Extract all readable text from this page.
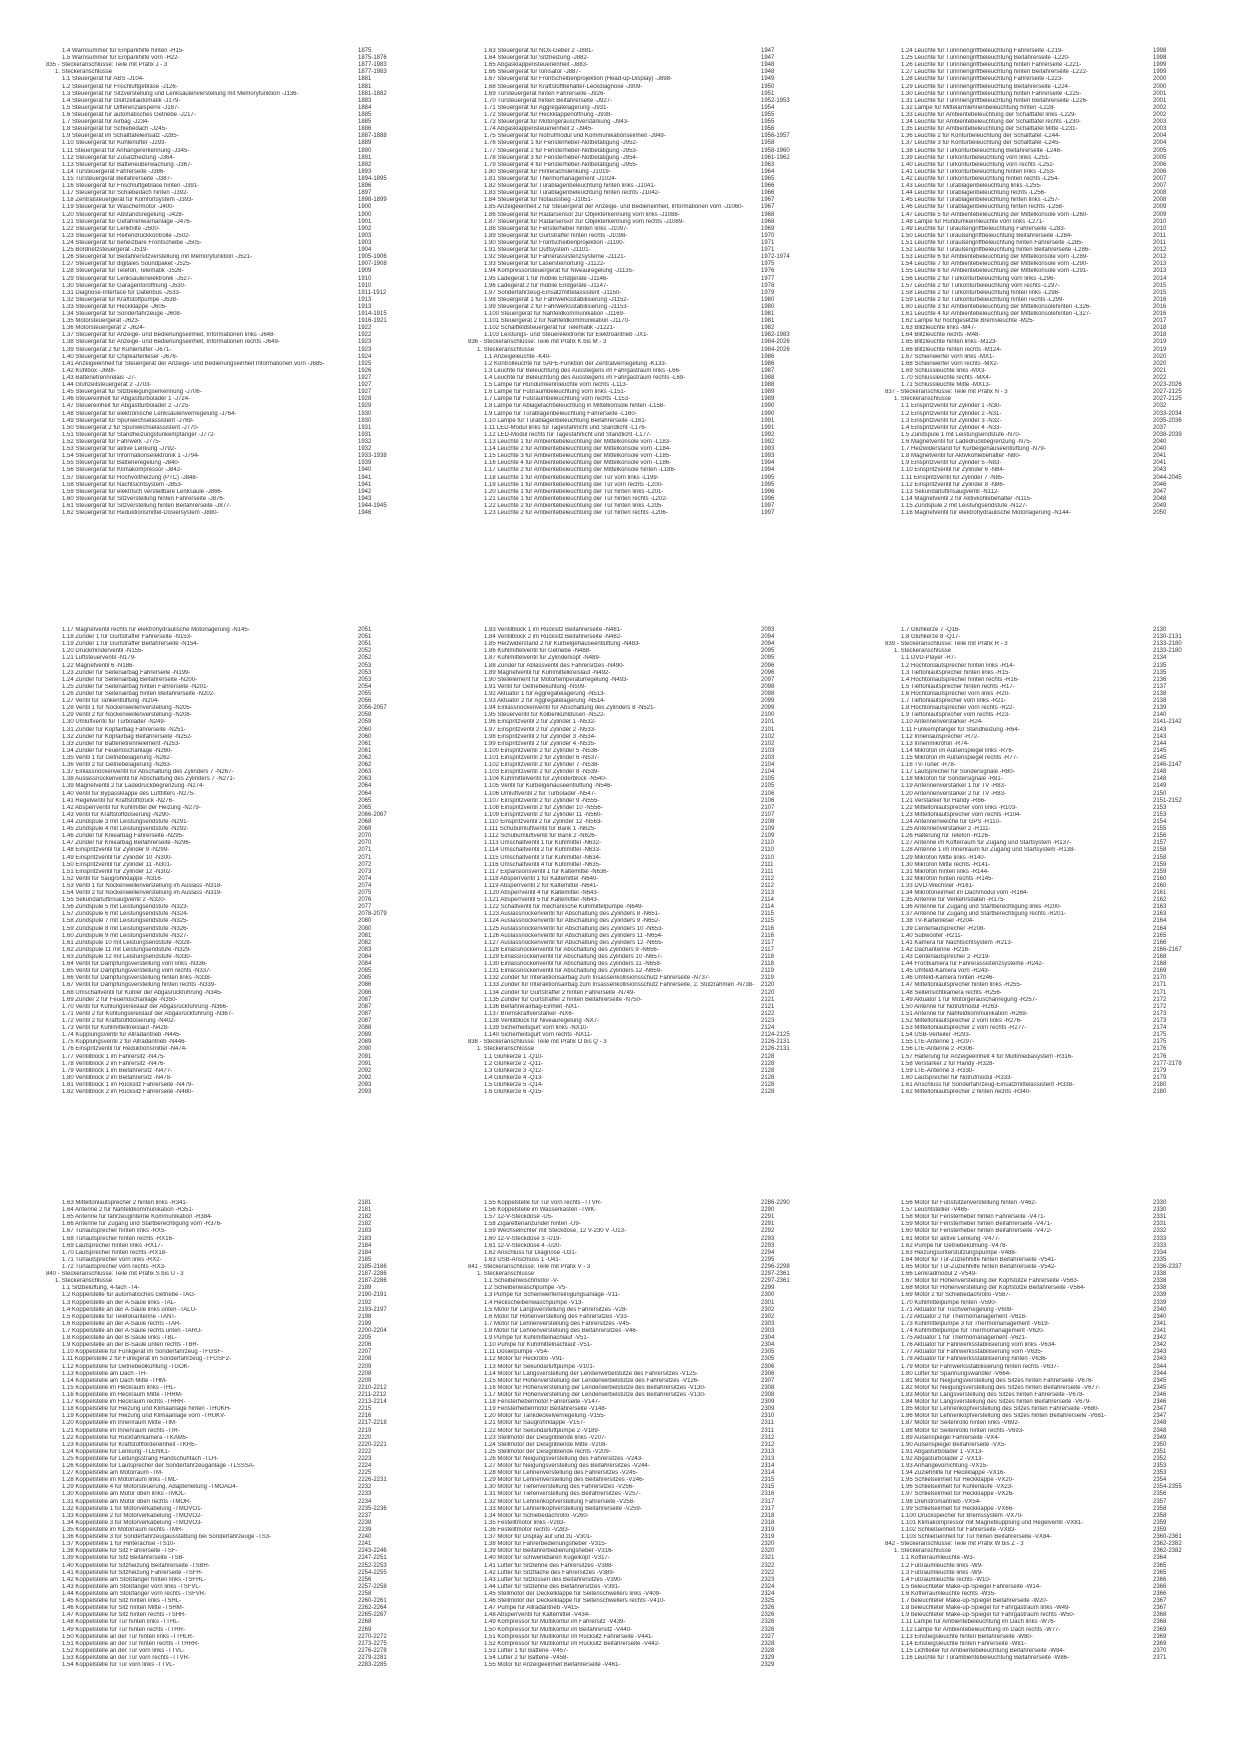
1.4 Warnsummer für Einparkhilfe hinten -H15-	1875
1.5 Warnsummer für Einparkhilfe vorn -H22-	1875-1876
835 - Steckeranschlüsse: Teile mit Präfix J - 3	1877-1983
1. Steckeranschlüsse	1877-1983
1.1 Steuergerät für ABS -J104-	1881
1.2 Steuergerät für Frischluftgebläse -J126-	1881
1.3 Steuergerät für Sitzverstellung und Lenksäulenverstellung mit Memoryfunktion -J136-	1881-1882
1.4 Steuergerät für Glühzeitautomatik -J179-	1883
1.5 Steuergerät für Differenzialsperre -J187-	1884
1.6 Steuergerät für automatisches Getriebe -J217-	1885
1.7 Steuergerät für Airbag -J234-	1885
1.8 Steuergerät für Schiebedach -J245-	1886
1.9 Steuergerät im Schalttafeleinsatz -J285-	1887-1888
1.10 Steuergerät für Kühlerlüfter -J293-	1889
1.11 Steuergerät für Anhängererkennung -J345-	1890
1.12 Steuergerät für Zusatzheizung -J364-	1891
1.13 Steuergerät für Batterieüberwachung -J367-	1892
1.14 Türsteuergerät Fahrerseite -J386-	1893
1.15 Türsteuergerät Beifahrerseite -J387-	1894-1895
1.16 Steuergerät für Frischluftgebläse hinten -J391-	1896
1.17 Steuergerät für Schiebedach hinten -J392-	1897
1.18 Zentralsteuergerät für Komfortsystem -J393-	1898-1899
1.19 Steuergerät für Waschermotor -J400-	1900
1.20 Steuergerät für Abstandsregelung -J428-	1900
1.21 Steuergerät für Gefahrenwarnanlage -J476-	1901
1.22 Steuergerät für Lenkhilfe -J500-	1902
1.23 Steuergerät für Reifendruckkontrolle -J502-	1903
1.24 Steuergerät für beheizbare Frontscheibe -J505-	1903
1.25 Bordnetzsteuergerät -J519-	1904
1.26 Steuergerät für Beifahrersitzverstellung mit Memoryfunktion -J521-	1905-1906
1.27 Steuergerät für digitales Soundpaket -J525-	1907-1908
1.28 Steuergerät für Telefon, Telematik -J526-	1909
1.29 Steuergerät für Lenksäulenelektronik -J527-	1910
1.30 Steuergerät für Garagentoröffnung -J530-	1910
1.31 Diagnose-Interface für Datenbus -J533-	1911-1912
1.32 Steuergerät für Kraftstoffpumpe -J538-	1913
1.33 Steuergerät für Heckklappe -J605-	1913
1.34 Steuergerät für Sonderfahrzeuge -J608-	1914-1915
1.35 Motorsteuergerät -J623-	1916-1921
1.36 Motorsteuergerät 2 -J624-	1922
1.37 Steuergerät für Anzeige- und Bedienungseinheit, Informationen links -J648-	1922
1.38 Steuergerät für Anzeige- und Bedienungseinheit, Informationen rechts -J649-	1923
1.39 Steuergerät 2 für Kühlerlüfter -J671-	1923
1.40 Steuergerät für Chipkartenleser -J676-	1924
1.41 Anzeigeeinheit für Steuergerät der Anzeige- und Bedienungseinheit Informationen vorn -J685-	1925
1.42 Kühlbox -J698-	1926
1.43 Batterietrennrelais -J7-	1927
1.44 Glühzeitsteuergerät 2 -J703-	1927
1.45 Steuergerät für Sitzbelegungserkennung -J706-	1927
1.46 Steuereinheit für Abgastturbolader 1 -J724-	1928
1.47 Steuereinheit für Abgastturbolader 2 -J725-	1929
1.48 Steuergerät für elektronische Lenksäulenverriegelung -J764-	1930
1.49 Steuergerät für Spurwechselassistent -J769-	1930
1.50 Steuergerät 2 für Spurwechselassistent -J770-	1931
1.51 Steuergerät für Standheizungsfunkempfänger -J772-	1931
1.52 Steuergerät für Fahrwerk -J775-	1932
1.53 Steuergerät für aktive Lenkung -J792-	1932
1.54 Steuergerät für Informationselektronik 1 -J794-	1933-1938
1.55 Steuergerät für Batterieregelung -J840-	1939
1.56 Steuergerät für Klimakompressor -J842-	1940
1.57 Steuergerät für Hochvoltheizung (PTC) -J848-	1941
1.58 Steuergerät für Nachtsichtsystem -J853-	1941
1.59 Steuergerät für elektrisch verstellbare Lenksäule -J866-	1942
1.60 Steuergerät für Sitzverstellung hinten Fahrerseite -J876-	1943
1.61 Steuergerät für Sitzverstellung hinten Beifahrerseite -J877-	1944-1945
1.62 Steuergerät für Reduktionsmittel-Dosiersystem -J880-	1946
1.63 Steuergerät für NOx-Geber 2 -J881-	1947
1.64 Steuergerät für Sitzheizung -J882-	1947
1.65 Abgasklappensteuereinheit -J883-	1948
1.66 Steuergerät für Ionisator -J887-	1948
1.67 Steuergerät für Frontscheibenprojektion (Head-up-Display) -J898-	1949
1.68 Steuergerät für Kraftstoffbehälter-Leckdiagnose -J909-	1950
1.69 Türsteuergerät hinten Fahrerseite -J926-	1951
1.70 Türsteuergerät hinten Beifahrerseite -J927-	1952-1953
1.71 Steuergerät für Aggregatelagerung -J931-	1954
1.72 Steuergerät für Heckklappenöffnung -J938-	1955
1.73 Steuergerät für Motorgeräuschverstärkung -J943-	1955
1.74 Abgasklappensteuereinheit 2 -J945-	1956
1.75 Steuergerät für Notrufmodul und Kommunikationseinheit -J949-	1956-1957
1.76 Steuergerät 1 für Fensterheber-Notbetätigung -J952-	1958
1.77 Steuergerät 2 für Fensterheber-Notbetätigung -J953-	1958-1960
1.78 Steuergerät 3 für Fensterheber-Notbetätigung -J954-	1961-1962
1.79 Steuergerät 4 für Fensterheber-Notbetätigung -J955-	1963
1.80 Steuergerät für Hinterachslenkung -J1019-	1964
1.81 Steuergerät für Thermomanagement -J1024-	1965
1.82 Steuergerät für Türablagenbeleuchtung hinten links -J1041-	1966
1.83 Steuergerät für Türablagenbeleuchtung hinten rechts -J1042-	1966
1.84 Steuergerät für Notausstieg -J1051-	1967
1.85 Anzeigeeinheit 2 für Steuergerät der Anzeige- und Bedieneinheit, Informationen vorn -J1060-	1967
1.86 Steuergerät für Radarsensor zur Objekterkennung vorn links -J1088-	1968
1.87 Steuergerät für Radarsensor zur Objekterkennung vorn rechts -J1089-	1968
1.88 Steuergerät für Fensterheber hinten links -J1097-	1969
1.89 Steuergerät für Gurtstraffer hinten rechts -J1098-	1970
1.90 Steuergerät für Frontscheibenprojektion -J1100-	1971
1.91 Steuergerät für Duftsystem -J1101-	1971
1.92 Steuergerät für Fahrerassistenzsysteme -J1121-	1972-1974
1.93 Steuergerät für Lasersteinortung -J1122-	1975
1.94 Kompressorsteuergerät für Niveauregelung -J1135-	1976
1.95 Ladegerät 1 für mobile Endgeräte -J1146-	1977
1.96 Ladegerät 2 für mobile Endgeräte -J1147-	1978
1.97 Sonderfahrzeug-Einsatzmittelassistent -J1150-	1979
1.98 Steuergerät 1 für Fahrwerksstabilisierung -J1152-	1980
1.99 Steuergerät 2 für Fahrwerksstabilisierung -J1153-	1980
1.100 Steuergerät für Nahfeldkommunikation -J1169-	1981
1.101 Steuergerät 2 für Nahfeldkommunikation -J1170-	1981
1.102 Schaltfeldsteuergerät für Telematik -J1221-	1982
1.103 Leistungs- und Steuerelektronik für Elektroantrieb -JX1-	1982-1983
836 - Steckeranschlüsse: Teile mit Präfix K bis M - 3	1984-2026
1. Steckeranschlüsse	1984-2026
1.1 Anzeigeleuchte -K40-	1986
1.2 Kontrolleuchte für SAFE-Funktion der Zentralverriegelung -K133-	1986
1.3 Leuchte für Beleuchtung des Aussteigens im Fahrgastraum links -L66-	1987
1.4 Leuchte für Beleuchtung des Aussteigens im Fahrgastraum rechts -L69-	1988
1.5 Lampe für Rundumkennleuchte vorn rechts -L113-	1988
1.6 Lampe für Fußraumbeleuchtung vorn links -L151-	1989
1.7 Lampe für Fußraumbeleuchtung vorn rechts -L153-	1989
1.8 Lampe für Ablagefachbeleuchtung in Mittelkonsole hinten -L158-	1990
1.9 Lampe für Türablagenbeleuchtung Fahrerseite -L160-	1990
1.10 Lampe für Türablagenbeleuchtung Beifahrerseite -L161-	1991
1.11 LED-Modul links für Tagesfahrlicht und Standlicht -L176-	1991
1.12 LED-Modul rechts für Tagesfahrlicht und Standlicht -L177-	1992
1.13 Leuchte 1 für Ambientebeleuchtung der Mittelkonsole vorn -L183-	1992
1.14 Leuchte 2 für Ambientebeleuchtung der Mittelkonsole vorn -L184-	1993
1.15 Leuchte 3 für Ambientebeleuchtung der Mittelkonsole vorn -L185-	1993
1.16 Leuchte 4 für Ambientebeleuchtung der Mittelkonsole vorn -L186-	1994
1.17 Leuchte 2 für Ambientebeleuchtung der Mittelkonsole hinten -L188-	1994
1.18 Leuchte 1 für Ambientebeleuchtung der Tür vorn links -L199-	1995
1.19 Leuchte 1 für Ambientebeleuchtung der Tür vorn rechts -L200-	1995
1.20 Leuchte 1 für Ambientebeleuchtung der Tür hinten links -L201-	1996
1.21 Leuchte 1 für Ambientebeleuchtung der Tür hinten rechts -L202-	1996
1.22 Leuchte 2 für Ambientebeleuchtung der Tür hinten links -L205-	1997
1.23 Leuchte 2 für Ambientebeleuchtung der Tür hinten rechts -L206-	1997
1.24 Leuchte für Türinnengriffbeleuchtung Fahrerseite -L219-	1998
1.25 Leuchte für Türinnengriffbeleuchtung Beifahrerseite -L220-	1998
1.26 Leuchte für Türinnengriffbeleuchtung hinten Fahrerseite -L221-	1999
1.27 Leuchte für Türinnengriffbeleuchtung hinten Beifahrerseite -L222-	1999
1.28 Leuchte für Türinnengriffbeleuchtung Fahrerseite -L223-	2000
1.29 Leuchte für Türinnengriffbeleuchtung Beifahrerseite -L224-	2000
1.30 Leuchte für Türinnengriffbeleuchtung hinten Fahrerseite -L225-	2001
1.31 Leuchte für Türinnengriffbeleuchtung hinten Beifahrerseite -L226-	2001
1.32 Lampe für Mittelarmlehnenbeleuchtung hinten -L228-	2002
1.33 Leuchte für Ambientebeleuchtung der Schalttafel links -L229-	2002
1.34 Leuchte für Ambientebeleuchtung der Schalttafel rechts -L230-	2003
1.35 Leuchte für Ambientebeleuchtung der Schalttafel Mitte -L231-	2003
1.36 Leuchte 2 für Konturbeleuchtung der Schalttafel -L244-	2004
1.37 Leuchte 3 für Konturbeleuchtung der Schalttafel -L245-	2004
1.38 Leuchte für Türkonturbeleuchtung Beifahrerseite -L248-	2005
1.39 Leuchte für Türkonturbeleuchtung vorn links -L251-	2005
1.40 Leuchte für Türkonturbeleuchtung vorn rechts -L252-	2006
1.41 Leuchte für Türkonturbeleuchtung hinten links -L253-	2006
1.42 Leuchte für Türkonturbeleuchtung hinten rechts -L254-	2007
1.43 Leuchte für Türablagenbeleuchtung links -L255-	2007
1.44 Leuchte für Türablagenbeleuchtung rechts -L256-	2008
1.45 Leuchte für Türablagenbeleuchtung hinten links -L257-	2008
1.46 Leuchte für Türablagenbeleuchtung hinten rechts -L258-	2009
1.47 Leuchte 5 für Ambientebeleuchtung der Mittelkonsole vorn -L260-	2009
1.48 Lampe für Rundumkennleuchte vorn links -L271-	2010
1.49 Leuchte für Türaußengriffbeleuchtung Fahrerseite -L283-	2010
1.50 Leuchte für Türaußengriffbeleuchtung Beifahrerseite -L284-	2011
1.51 Leuchte für Türaußengriffbeleuchtung hinten Fahrerseite -L285-	2011
1.52 Leuchte für Türaußengriffbeleuchtung hinten Beifahrerseite -L286-	2012
1.53 Leuchte 6 für Ambientebeleuchtung der Mittelkonsole vorn -L289-	2012
1.54 Leuchte 7 für Ambientebeleuchtung der Mittelkonsole vorn -L290-	2013
1.55 Leuchte 8 für Ambientebeleuchtung der Mittelkonsole vorn -L291-	2013
1.56 Leuchte 2 für Türkonturbeleuchtung vorn links -L296-	2014
1.57 Leuchte 2 für Türkonturbeleuchtung vorn rechts -L297-	2015
1.58 Leuchte 2 für Türkonturbeleuchtung hinten links -L298-	2015
1.59 Leuchte 2 für Türkonturbeleuchtung hinten rechts -L299-	2016
1.60 Leuchte 3 für Ambientebeleuchtung der Mittelkonsolehinten -L326-	2016
1.61 Leuchte 4 für Ambientebeleuchtung der Mittelkonsolehinten -L327-	2016
1.62 Lampe für hochgesetzte Bremsleuchte -M25-	2017
1.63 Blitzleuchte links -M47-	2018
1.64 Blitzleuchte rechts -M48-	2018
1.65 Blitzleuchte hinten links -M123-	2019
1.66 Blitzleuchte hinten rechts -M124-	2019
1.67 Scheinwerfer vorn links -MX1-	2020
1.68 Scheinwerfer vorn rechts -MX2-	2020
1.69 Schlussleuchte links -MX3-	2021
1.70 Schlussleuchte rechts -MX4-	2022
1.71 Schlussleuchte Mitte -MX13-	2023-2026
837 - Steckeranschlüsse: Teile mit Präfix N - 3	2027-2125
1. Steckeranschlüsse	2027-2125
1.1 Einspritzventil für Zylinder 1 -N30-	2032
1.2 Einspritzventil für Zylinder 2 -N31-	2033-2034
1.3 Einspritzventil für Zylinder 3 -N32-	2035-2036
1.4 Einspritzventil für Zylinder 4 -N33-	2037
1.5 Zündspule 1 mit Leistungsendstufe -N70-	2038-2039
1.6 Magnetventil für Ladedruckbegrenzung -N75-	2040
1.7 Heizwiderstand für Kurbelgehäuseentlüftung -N79-	2040
1.8 Magnetventil für Aktivkohlebehälter -N80-	2041
1.9 Einspritzventil für Zylinder 5 -N83-	2041
1.10 Einspritzventil für Zylinder 6 -N84-	2043
1.11 Einspritzventil für Zylinder 7 -N85-	2044-2045
1.12 Einspritzventil für Zylinder 8 -N86-	2046
1.13 Sekundärluftinsaugventil -N112-	2047
1.14 Magnetventil 2 für Aktivkohlebehälter -N115-	2048
1.15 Zündspule 2 mit Leistungsendstufe -N127-	2049
1.16 Magnetventil für elektrohydraulische Motorlagerung -N144-	2050
1.17 Magnetventil rechts für elektrohydraulische Motorlagerung -N145-	2051
1.18 Zünder 1 für Gurtstraffer Fahrerseite -N153-	2051
1.19 Zünder 1 für Gurtstraffer Beifahrerseite -N154-	2051
1.20 Druckminderventil -N155-	2052
1.21 Luftsteuerventil -N179-	2052
1.22 Magnetventil 6 -N186-	2053
1.23 Zünder für Seitenairbag Fahrerseite -N199-	2053
1.24 Zünder für Seitenairbag Beifahrerseite -N200-	2053
1.25 Zünder für Seitenairbag hinten Fahrerseite -N201-	2054
1.26 Zünder für Seitenairbag hinten Beifahrerseite -N202-	2055
1.27 Ventil für Tankentlüftung -N204-	2056
1.28 Ventil 1 für Nockenwellenverstellung -N205-	2056-2057
1.29 Ventil 2 für Nockenwellenverstellung -N208-	2058
1.30 Umluftventil für Turbolader -N249-	2059
1.31 Zünder für Kopfairbag Fahrerseite -N251-	2060
1.32 Zünder für Kopfairbag Beifahrerseite -N252-	2060
1.33 Zünder für Batterietrennelement -N253-	2061
1.34 Zünder für Feuerlöschanlage -N260-	2061
1.35 Ventil 1 für Getriebelagerung -N262-	2062
1.36 Ventil 2 für Getriebelagerung -N263-	2062
1.37 Einlassnockenventil für Abschaltung des Zylinders 7 -N267-	2063
1.38 Auslassnockenventil für Abschaltung des Zylinders 7 -N271-	2063
1.39 Magnetventil 2 für Ladedruckbegrenzung -N274-	2064
1.40 Ventil für Bypassklappe des Luftfilters -N275-	2064
1.41 Regelventil für Kraftstoffdruck -N276-	2065
1.42 Absperrventil für Kühlmittel der Heizung -N279-	2065
1.43 Ventil für Kraftstoffdosierung -N290-	2066-2067
1.44 Zündspule 3 mit Leistungsendstufe -N291-	2068
1.45 Zündspule 4 mit Leistungsendstufe -N292-	2069
1.46 Zünder für Kniearbag Fahrerseite -N295-	2070
1.47 Zünder für Kniearbag Beifahrerseite -N296-	2070
1.48 Einspritzventil für Zylinder 9 -N299-	2071
1.49 Einspritzventil für Zylinder 10 -N300-	2071
1.50 Einspritzventil für Zylinder 11 -N301-	2072
1.51 Einspritzventil für Zylinder 12 -N302-	2073
1.52 Ventil für Saugrohrklappe -N316-	2074
1.53 Ventil 1 für Nockenwellenverstellung im Auslass -N318-	2074
1.54 Ventil 2 für Nockenwellenverstellung im Auslass -N319-	2075
1.55 Sekundärluftinsaugventil 2 -N320-	2076
1.56 Zündspule 5 mit Leistungsendstufe -N323-	2077
1.57 Zündspule 6 mit Leistungsendstufe -N324-	2078-2079
1.58 Zündspule 7 mit Leistungsendstufe -N325-	2080
1.59 Zündspule 8 mit Leistungsendstufe -N326-	2080
1.60 Zündspule 9 mit Leistungsendstufe -N327-	2081
1.61 Zündspule 10 mit Leistungsendstufe -N328-	2082
1.62 Zündspule 11 mit Leistungsendstufe -N329-	2083
1.63 Zündspule 12 mit Leistungsendstufe -N330-	2084
1.64 Ventil für Dämpfungsverstellung vorn links -N336-	2084
1.65 Ventil für Dämpfungsverstellung vorn rechts -N337-	2085
1.66 Ventil für Dämpfungsverstellung hinten links -N338-	2085
1.67 Ventil für Dämpfungsverstellung hinten rechts -N339-	2086
1.68 Umschaltventil für Kühler der Abgasrückführung -N345-	2086
1.69 Zünder 2 für Feuerlöschanlage -N350-	2087
1.70 Ventil für Kühlungskreislauf der Abgasrückführung -N366-	2087
1.71 Ventil 2 für Kühlungskreislauf der Abgasrückführung -N367-	2087
1.72 Ventil 2 für Kraftstoffdosierung -N402-	2087
1.73 Ventil für Kühlmittelkreislauf -N428-	2088
1.74 Kupplungsventil für Allradantrieb -N445-	2089
1.75 Kupplungsventil 2 für Allradantrieb -N446-	2089
1.76 Einspritzventil für Reduktionsmittel -N474-	2090
1.77 Ventilblock 1 im Fahrersitz -N475-	2091
1.78 Ventilblock 2 im Fahrersitz -N476-	2091
1.79 Ventilblock 1 im Beifahrersitz -N477-	2092
1.80 Ventilblock 2 im Beifahrersitz -N478-	2092
1.81 Ventilblock 1 im Rücksitz Fahrerseite -N479-	2093
1.82 Ventilblock 2 im Rücksitz Fahrerseite -N480-	2093
1.83 Ventilblock 1 im Rücksitz Beifahrerseite -N481-	2093
1.84 Ventilblock 2 im Rücksitz Beifahrerseite -N482-	2094
1.85 Heizwiderstand 2 für Kurbelgehäuseentlüftung -N483-	2094
1.86 Kühlmittelventil für Getriebe -N488-	2095
1.87 Kühlmittelventil für Zylinderkopf -N489-	2095
1.88 Zünder für Ablassventil des Fahrersitzes -N490-	2096
1.89 Magnetventil für Kühlmittelkreislauf -N492-	2096
1.90 Stellelement für Motortemperaturregelung -N493-	2097
1.91 Ventil für Getriebekühlung -N509-	2098
1.92 Aktuator 1 für Aggregatelagerung -N513-	2098
1.93 Aktuator 2 für Aggregatelagerung -N514-	2099
1.94 Einlassnockenventil für Abschaltung des Zylinders 8 -N521-	2099
1.95 Steuerventil für Kolbenkühldüsen -N522-	2100
1.96 Einspritzventil 2 für Zylinder 1 -N532-	2101
1.97 Einspritzventil 2 für Zylinder 2 -N533-	2101
1.98 Einspritzventil 2 für Zylinder 3 -N534-	2102
1.99 Einspritzventil 2 für Zylinder 4 -N535-	2102
1.100 Einspritzventil 2 für Zylinder 5 -N536-	2103
1.101 Einspritzventil 2 für Zylinder 6 -N537-	2103
1.102 Einspritzventil 2 für Zylinder 7 -N538-	2104
1.103 Einspritzventil 2 für Zylinder 8 -N539-	2104
1.104 Kühlmittelventil für Zylinderblock -N540-	2105
1.105 Ventil für Kurbelgehäuseentlüftung -N546-	2105
1.106 Umluftventil 2 für Turbolader -N547-	2106
1.107 Einspritzventil 2 für Zylinder 9 -N555-	2106
1.108 Einspritzventil 2 für Zylinder 10 -N556-	2107
1.109 Einspritzventil 2 für Zylinder 11 -N560-	2107
1.110 Einspritzventil 2 für Zylinder 12 -N563-	2108
1.111 Schubumluftventil für Bank 1 -N625-	2109
1.112 Schubumluftventil für Bank 2 -N626-	2109
1.113 Umschaltventil 1 für Kühlmittel -N632-	2110
1.114 Umschaltventil 2 für Kühlmittel -N633-	2110
1.115 Umschaltventil 3 für Kühlmittel -N634-	2110
1.116 Umschaltventil 4 für Kühlmittel -N635-	2111
1.117 Expansionsventil 1 für Kältemittel -N636-	2111
1.118 Absperrventil 1 für Kältemittel -N640-	2112
1.119 Absperrventil 2 für Kältemittel -N641-	2112
1.120 Absperrventil 4 für Kältemittel -N643-	2113
1.121 Absperrventil 5 für Kältemittel -N643-	2114
1.122 Schaltventil für mechanische Kühlmittelpumpe -N649-	2114
1.123 Auslassnockenventil für Abschaltung des Zylinders 8 -N651-	2115
1.124 Auslassnockenventil für Abschaltung des Zylinders 9 -N652-	2115
1.125 Auslassnockenventil für Abschaltung des Zylinders 10 -N653-	2116
1.126 Auslassnockenventil für Abschaltung des Zylinders 11 -N654-	2116
1.127 Auslassnockenventil für Abschaltung des Zylinders 12 -N655-	2117
1.128 Einlassnockenventil für Abschaltung des Zylinders 9 -N656-	2117
1.129 Einlassnockenventil für Abschaltung des Zylinders 10 -N657-	2118
1.130 Einlassnockenventil für Abschaltung des Zylinders 11 -N658-	2118
1.131 Einlassnockenventil für Abschaltung des Zylinders 12 -N659-	2119
1.132 Zünder für Interaktionsairbag zum Insassenkollisionsschutz Fahrerseite -N737-	2119
1.133 Zünder für Interaktionsairbag zum Insassenkollisionsschutz Fahrerseite, 2. Stützrahmen -N738- 2120
1.134 Zünder für Gurtstraffer 2 hinten Fahrerseite -N749-	2120
1.135 Zünder für Gurtstraffer 2 hinten Beifahrerseite -N750-	2121
1.136 Beifahrerairbag-Einheit -NX1-	2121
1.137 Bremskraftverstärker -NX6-	2122
1.138 Ventilblock für Niveauregelung -NX7-	2123
1.139 Sicherheitsgurt vorn links -NX10-	2124
1.140 Sicherheitsgurt vorn rechts -NX11-	2124-2125
838 - Steckeranschlüsse: Teile mit Präfix O bis Q - 3	2126-2131
1. Steckeranschlüsse	2126-2131
1.1 Glühkerze 1 -Q10-	2128
1.2 Glühkerze 2 -Q11-	2128
1.3 Glühkerze 3 -Q12-	2128
1.4 Glühkerze 4 -Q13-	2128
1.5 Glühkerze 5 -Q14-	2128
1.6 Glühkerze 6 -Q15-	2128
1.7 Glühkerze 7 -Q16-	2130
1.8 Glühkerze 8 -Q17-	2130-2131
839 - Steckeranschlüsse: Teile mit Präfix R - 3	2133-2180
1. Steckeranschlüsse	2133-2180
1.1 DVD-Player -R7-	2134
1.2 Hochtonlautsprecher hinten links -R14-	2135
1.3 Tieftonlautsprecher hinten links -R15-	2135
1.4 Hochtonlautsprecher hinten rechts -R16-	2136
1.5 Tieftonlautsprecher hinten rechts -R17-	2137
1.6 Hochtonlautsprecher vorn links -R20-	2138
1.7 Tieftonlautsprecher vorn links -R21-	2138
1.8 Hochtonlautsprecher vorn rechts -R22-	2139
1.9 Tieftonlautsprecher vorn rechts -R23-	2140
1.10 Antennenverstärker -R24-	2141-2142
1.11 Funkempfänger für Standheizung -R64-	2143
1.12 Innenlautsprecher -R72-	2143
1.13 Innenmikrofon -R74-	2144
1.14 Mikrofon im Außenspiegel links -R76-	2145
1.15 Mikrofon im Außenspiegel rechts -R77-	2145
1.16 TV-Tuner -R78-	2146-2147
1.17 Lautsprecher für Sondersignale -R80-	2148
1.18 Mikrofon für Sondersignale -R81-	2148
1.19 Antennenverstärker 1 für TV -R83-	2149
1.20 Antennenverstärker 2 für TV -R83-	2150
1.21 Verstärker für Handy -R86-	2151-2152
1.22 Mitteltonlautsprecher vorn links -R103-	2153
1.23 Mitteltonlautsprecher vorn rechts -R104-	2153
1.24 Antennenweiche für GPS -R110-	2154
1.25 Antennenverstärker 2 -R111-	2155
1.26 Halterung für Telefon -R126-	2156
1.27 Antenne im Kofferraum für Zugang und Startsystem -R137-	2157
1.28 Antenne 1 im Innenraum für Zugang und Startsystem -R138-	2158
1.29 Mikrofon Mitte links -R140-	2158
1.30 Mikrofon Mitte rechts -R141-	2159
1.31 Mikrofon hinten links -R144-	2159
1.32 Mikrofon hinten rechts -R145-	2160
1.33 DVD-Wechsler -R161-	2160
1.34 Mikrofoneinheit im Dachmodul vorn -R164-	2161
1.35 Antenne für Verkehrsdaten -R175-	2162
1.36 Antenne für Zugang und Startberechtigung links -R200-	2163
1.37 Antenne für Zugang und Startberechtigung rechts -R201-	2163
1.38 TV-Kartenleser -R204-	2164
1.39 Centerlautsprecher -R208-	2164
1.40 Subwoofer -R211-	2165
1.41 Kamera für Nachtsichtsystem -R213-	2166
1.42 Dachantenne -R216-	2166-2167
1.43 Centerlautsprecher 2 -R219-	2168
1.44 Frontkamera für Fahrerassistenzsysteme -R242-	2168
1.45 Umfeld-Kamera vorn -R243-	2169
1.46 Umfeld-Kamera hinten -R246-	2170
1.47 Mitteltonlautsprecher hinten links -R255-	2171
1.48 Seitensichtkamera rechts -R256-	2171
1.49 Aktuator 1 für Motorgeräuschanregung -R257-	2172
1.50 Antenne für Notrufmodul -R263-	2172
1.51 Antenne für Nahfeldkommunikation -R269-	2173
1.52 Mitteltonlautsprecher 2 vorn links -R276-	2173
1.53 Mitteltonlautsprecher 2 vorn rechts -R277-	2174
1.54 USB-Verteiler -R293-	2175
1.55 LTE-Antenne 1 -R297-	2175
1.56 LTE-Antenne 2 -R306-	2176
1.57 Halterung für Anzeigeeinheit 4 für Multimediasystem -R316-	2176
1.58 Verstärker 2 für Handy -R328-	2177-2178
1.59 LTE-Antenne 3 -R330-	2179
1.60 Lautsprecher für Notrufmodul -R333-	2179
1.61 Anschluss für Sonderfahrzeug-Einsatzmittelassistent -R338-	2180
1.62 Mitteltonlautsprecher 2 hinten rechts -R340-	2180
1.63 Mitteltonlautsprecher 2 hinten links -R341-	2181
1.64 Antenne 2 für Nahfeldkommunikation -R351-	2181
1.65 Antenne für fahrzeuginterne Kommunikation -R384-	2182
1.66 Antenne für Zugang und Startberechtigung vorn -R376-	2182
1.67 Türlautsprecher hinten links -RX5-	2183
1.68 Türlautsprecher hinten rechts -RX16-	2183
1.69 Lautsprecher hinten links -RX17-	2184
1.70 Lautsprecher hinten rechts -RX18-	2184
1.71 Türlautsprecher vorn links -RX2-	2185
1.72 Türlautsprecher vorn rechts -RX3-	2185-2186
840 - Steckeranschlüsse: Teile mit Präfix S bis U - 3	2187-2286
1. Steckeranschlüsse	2187-2286
1.1 Sitzbelüftung, 4-fach -T4-	2189
1.2 Koppelstelle für automatisches Getriebe -TAG-	2190-2191
1.3 Koppelstelle an der A-Säule links -TAL-	2192
1.4 Koppelstelle an der A-Säule links unten -TALU-	2193-2197
1.5 Koppelstelle für Telefonantenne -TANT-	2198
1.6 Koppelstelle an der A-Säule rechts -TAR-	2199
1.7 Koppelstelle an der A-Säule rechts unten -TARU-	2200-2204
1.8 Koppelstelle an der B-Säule links -TBL-	2205
1.9 Koppelstelle an der B-Säule unten rechts -TBR-	2206
1.10 Koppelstelle für Funkgerät im Sonderfahrzeug -TFGSF-	2207
1.11 Koppelstelle 2 für Funkgerät im Sonderfahrzeug -TFGSF2-	2208
1.12 Koppelstelle für Getriebeölkühlung -TGOK-	2209
1.13 Koppelstelle am Dach -TH-	2208
1.14 Koppelstelle am Dach Mitte -THM-	2209
1.15 Koppelstelle im Heckraum links -THL-	2210-2212
1.16 Koppelstelle im Heckraum Mitte -THRM-	2211-2212
1.17 Koppelstelle im Heckraum rechts -THRR-	2213-2214
1.18 Koppelstelle für Heizung und Klimaanlage hinten -THUKH-	2215
1.19 Koppelstelle für Heizung und Klimaanlage vorn -THUKV-	2216
1.20 Koppelstelle im Innenraum Mitte -TIM-	2217-2218
1.21 Koppelstelle im Innenraum rechts -TIR-	2219
1.22 Koppelstelle für Rückfahrkamera -TKAM5-	2220
1.23 Koppelstelle für Kraftstoffförderelnheit -TKRE-	2220-2221
1.24 Koppelstelle für Lenkung -TLENK1-	2222
1.25 Koppelstelle für Leitungsstrang Handschuhfach -TLH-	2223
1.26 Koppelstelle für Lautsprecher der Sonderfahrzeuganlage -TLSSSA-	2224
1.27 Koppelstelle am Motorraum -TM-	2225
1.28 Koppelstelle im Motorraum links -TML-	2226-2231
1.29 Koppelstelle 4 für Motorsteuerung, Adapterleitung -TMOAD4-	2232
1.30 Koppelstelle am Motor oben links -TMOL-	2233
1.31 Koppelstelle am Motor oben rechts -TMOR-	2234
1.32 Koppelstelle 1 für Motorverkabelung -TMOVO1-	2235-2236
1.33 Koppelstelle 2 für Motorverkabelung -TMOVO2-	2237
1.34 Koppelstelle 3 für Motorverkabelung -TMOVO3-	2238
1.35 Koppelstelle im Motorraum rechts -TMR-	2239
1.36 Koppelstelle 3 für Sonderfahrzeugausstattung bei Sonderfahrzeuge -TS3-	2240
1.37 Koppelstelle 1 für Hinterachse -TS10-	2241
1.38 Koppelstelle für Sitz Fahrerseite -TSF-	2243-2246
1.39 Koppelstelle für Sitz Beifahrerseite -TSB-	2247-2251
1.40 Koppelstelle für Sitzheizung Beifahrerseite -TSBH-	2252-2253
1.41 Koppelstelle für Sitzheizung Fahrerseite -TSFH-	2254-2255
1.42 Koppelstelle am Stoßfänger hinten links -TSFHL-	2256
1.43 Koppelstelle am Stoßfänger vorn links -TSFVL-	2257-2258
1.44 Koppelstelle am Stoßfänger vorn rechts -TSFVR-	2258
1.45 Koppelstelle für Sitz hinten links -TSHL-	2260-2261
1.46 Koppelstelle für Sitz hinten Mitte -TSHM-	2262-2264
1.47 Koppelstelle für Sitz hinten rechts -TSHR-	2265-2267
1.48 Koppelstelle für Tür hinten links -TTHL-	2268
1.49 Koppelstelle für Tür hinten rechts -TTHR-	2269
1.50 Koppelstelle an der Tür hinten links -TTHLR-	2270-2272
1.51 Koppelstelle an der Tür hinten rechts -TTHRR-	2273-2275
1.52 Koppelstelle an der Tür vorn links -TTVL-	2276-2278
1.53 Koppelstelle an der Tür vorn rechts -TTVR-	2279-2281
1.54 Koppelstelle für Tür vorn links -TTVL-	2283-2285
1.55 Koppelstelle für Tür vorn rechts -TTVR-	2286-2290
1.56 Koppelstelle im Wasserkasten -TWK-	2290
1.57 12-V-Steckdose -U5-	2291
1.58 Zigarettenanzünder hinten -U9-	2291
1.59 Wechselrichter mit Steckdose, 12 V-230 V -U13-	2292
1.60 12-V-Steckdose 3 -U19-	2293
1.61 12-V-Steckdose 4 -U20-	2293
1.62 Anschluss für Diagnose -U31-	2294
1.63 USB-Anschluss 1 -U41-	2295
841 - Steckeranschlüsse: Teile mit Präfix V - 3	2296-2298
1. Steckeranschlüsse	2297-2361
1.1 Scheibenwischmotor -V-	2297-2361
1.2 Scheibenwaschpumpe -V5-	2299
1.3 Pumpe für Scheinwerferreinigungsanlage -V11-	2300
1.4 Heckscheibenwaschpumpe -V13-	2301
1.5 Motor für Längsverstellung des Fahrersitzes -V28-	2302
1.6 Motor für Höhenverstellung des Fahrersitzes -V33-	2302
1.7 Motor für Lehnenverstellung des Fahrersitzes -V45-	2303
1.8 Motor für Lehnenverstellung des Beifahrersitzes -V46-	2303
1.9 Pumpe für Kühlmittelnachlauf -V51-	2304
1.10 Pumpe für Kühlmittelnachlauf -V51-	2304
1.11 Dosierpumpe -V54-	2305
1.12 Motor für Heckrollo -V91-	2305
1.13 Motor für Sekundärluftpumpe -V101-	2306
1.14 Motor für Längsverstellung der Lendenwirbelstütze des Fahrersitzes -V125-	2306
1.15 Motor für Höhenverstellung der Lendenwirbelstütze des Fahrersitzes -V126-	2307
1.16 Motor für Höhenverstellung der Lendenwirbelstütze des Beifahrersitzes -V130-	2308
1.17 Motor für Höhenverstellung der Lendenwirbelstütze des Beifahrersitzes -V130-	2308
1.18 Fensterhebermotor Fahrerseite -V147-	2309
1.19 Fensterhebermotor Beifahrerseite -V148-	2309
1.20 Motor für Tankdeckelverriegelung -V155-	2310
1.21 Motor für Saugrohrklappe -V157-	2311
1.22 Motor für Sekundärluftpumpe 2 -V189-	2311
1.23 Stellmotor der Designblende links -V207-	2312
1.24 Stellmotor der Designblende Mitte -V208-	2312
1.25 Stellmotor der Designblende rechts -V209-	2313
1.26 Motor für Neigungsverstellung des Fahrersitzes -V243-	2313
1.27 Motor für Neigungsverstellung des Beifahrersitzes -V244-	2314
1.28 Motor für Lehnenverstellung des Fahrersitzes -V245-	2314
1.29 Motor für Lehnenverstellung des Beifahrersitzes -V246-	2315
1.30 Motor für Tiefenverstellung des Fahrersitzes -V256-	2315
1.31 Motor für Tiefenverstellung des Beifahrersitzes -V257-	2316
1.32 Motor für Lehnenkopfverstellung Fahrerseite -V258-	2317
1.33 Motor für Lehnenkopfverstellung Beifahrerseite -V259-	2317
1.34 Motor für Schiebedachrollo -V260-	2318
1.35 Festelltmotor links -V283-	2318
1.36 Festelltmotor rechts -V283-	2319
1.37 Motor für Display auf und zu -V301-	2319
1.38 Motor für Fahrerbedienungsheber -V315-	2320
1.39 Motor für Beifahrerbedienungsheber -V316-	2320
1.40 Motor für schwenkbaren Kugelkopf -V317-	2321
1.41 Lüfter für Sitzlehne des Fahrersitzes -V388-	2322
1.42 Lüfter für Sitzfläche des Fahrersitzes -V389-	2322
1.43 Lüfter für Sitzkissen des Beifahrersitzes -V390-	2323
1.44 Lüfter für Sitzlehne des Beifahrersitzes -V391-	2324
1.45 Stellmotor der Deckelklappe für Seitenschwellers links -V409-	2324
1.46 Stellmotor der Deckelklappe für Seitenschwellers rechts -V410-	2325
1.47 Pumpe für Allradantrieb -V415-	2326
1.48 Absperrventil für Kältemittel -V434-	2326
1.49 Kompressor für Multikontur im Fahrersitz -V439-	2326
1.50 Kompressor für Multikontur im Beifahrersitz -V440-	2326
1.51 Kompressor für Multikontur im Rücksitz Fahrerseite -V441-	2327
1.52 Kompressor für Multikontur im Rücksitz Beifahrerseite -V442-	2328
1.53 Lüfter 1 für Batterie -V457-	2328
1.54 Lüfter 2 für Batterie -V458-	2329
1.55 Motor für Anzeigeeinheit Beifahrerseite -V461-	2329
1.56 Motor für Fußstützenverstellung hinten -V462-	2330
1.57 Leuchtstellier -V465-	2330
1.58 Motor für Fensterheber hinten Fahrerseite -V471-	2331
1.59 Motor für Fensterheber hinten Beifahrerseite -V471-	2331
1.60 Motor für Fensterheber hinten Beifahrerseite -V472-	2332
1.61 Motor für aktive Lenkung -V477-	2333
1.62 Pumpe für Getriebekühlung -V478-	2333
1.63 Heizungsunterstützungspumpe -V488-	2334
1.64 Motor für Tür-Zuziehhilfe hinten Beifahrerseite -V541-	2335
1.65 Motor für Tür-Zuziehhilfe hinten Beifahrerseite -V542-	2336-2337
1.66 Lenkradmodul 2 -V549-	2338
1.67 Motor für Höhenverstellung der Kopfstütze Fahrerseite -V563-	2338
1.68 Motor für Höhenverstellung der Kopfstütze Beifahrerseite -V564-	2338
1.69 Motor 2 für Schiebedachrollo -V587-	2339
1.70 Kühlmittelpumpe hinten -V590-	2339
1.71 Aktuator für Tischverriegelung -V608-	2340
1.72 Aktuator 2 für Thermomanagement -V618-	2340
1.73 Kühlmittelpumpe 3 für Thermomanagement -V619-	2341
1.74 Kühlmittelpumpe für Thermomanagement -V620-	2341
1.75 Aktuator 1 für Thermomanagement -V621-	2342
1.76 Aktuator für Fahrwerksstabilisierung vorn links -V634-	2342
1.77 Aktuator für Fahrwerksstabilisierung vorn -V635-	2343
1.78 Aktuator für Fahrwerksstabilisierung hinten -V636-	2343
1.79 Motor für Fahrwerksstabilisierung hinten rechts -V637-	2344
1.80 Lüfter für Spannungswandler -V664-	2344
1.81 Motor für Neigungsverstellung des Sitzes hinten Fahrerseite -V676-	2345
1.82 Motor für Neigungsverstellung des Sitzes hinten Beifahrerseite -V677-	2345
1.83 Motor für Längsverstellung des Sitzes hinten Fahrerseite -V678-	2346
1.84 Motor für Längsverstellung des Sitzes hinten Beifahrerseite -V679-	2346
1.85 Motor für Lehnenkopfverstellung des Sitzes hinten Fahrerseite -V680-	2347
1.86 Motor für Lehnenkopfverstellung des Sitzes hinten Beifahrerseite -V681-	2347
1.87 Motor für Seitenrollo hinten links -V692-	2348
1.88 Motor für Seitenrollo hinten rechts -V693-	2348
1.89 Außenspiegel Fahrerseite -VX4-	2349
1.90 Außenspiegel Beifahrerseite -VX5-	2350
1.91 Abgasturbolader 1 -VX13-	2351
1.92 Abgasturbolader 2 -VX13-	2352
1.93 Anhängevorrichtung -VX15-	2353
1.94 Zuziehhilfe für Heckklappe -VX16-	2353
1.95 Schließeinheit für Heckklappe -VX20-	2354
1.96 Schließeinheit für Kühlerläufe -VX23-	2354-2355
1.97 Schließeinheit für Heckklappe -VX26-	2356
1.98 Drehstromantrieb -VX54-	2357
1.99 Schließeinheit für Heckklappe -VX66-	2358
1.100 Druckspeicher für Bremssystem -VX70-	2358
1.101 Klimakompressor mit Magnetkupplung und Regelventil -VX81-	2359
1.102 Schließeinheit für Fahrerseite -VX83-	2359
1.103 Schließeinheit für Tür hinten Beifahrerseite -VX84-	2360-2361
842 - Steckeranschlüsse: Teile mit Präfix W bis Z - 3	2362-2382
1. Steckeranschlüsse	2362-2382
1.1 Kofferraumleuchte -W3-	2364
1.2 Fußraumleuchte links -W9-	2365
1.3 Fußraumleuchte links -W9-	2365
1.4 Fußraumleuchte rechts -W10-	2366
1.5 beleuchteter Make-up-Spiegel Fahrerseite -W14-	2366
1.6 Kofferraumleuchte rechts -W35-	2366
1.7 beleuchteter Make-up-Spiegel Beifahrerseite -W20-	2367
1.8 beleuchteter Make-up-Spiegel für Fahrgastraum links -W49-	2367
1.9 beleuchteter Make-up-Spiegel für Fahrgastraum rechts -W50-	2368
1.11 Lampe für Ambientebeleuchtung im Dach links -W76-	2368
1.12 Lampe für Ambientebeleuchtung im Dach rechts -W77-	2369
1.13 Einstiegsleuchte hinten Beifahrerseite -W80-	2369
1.14 Einstiegsleuchte hinten Fahrerseite -W81-	2369
1.15 Lichtleiter für Ambientebeleuchtung Beifahrerseite -W84-	2370
1.16 Leuchte für Türambientebeleuchtung Beifahrerseite -W86-	2371
